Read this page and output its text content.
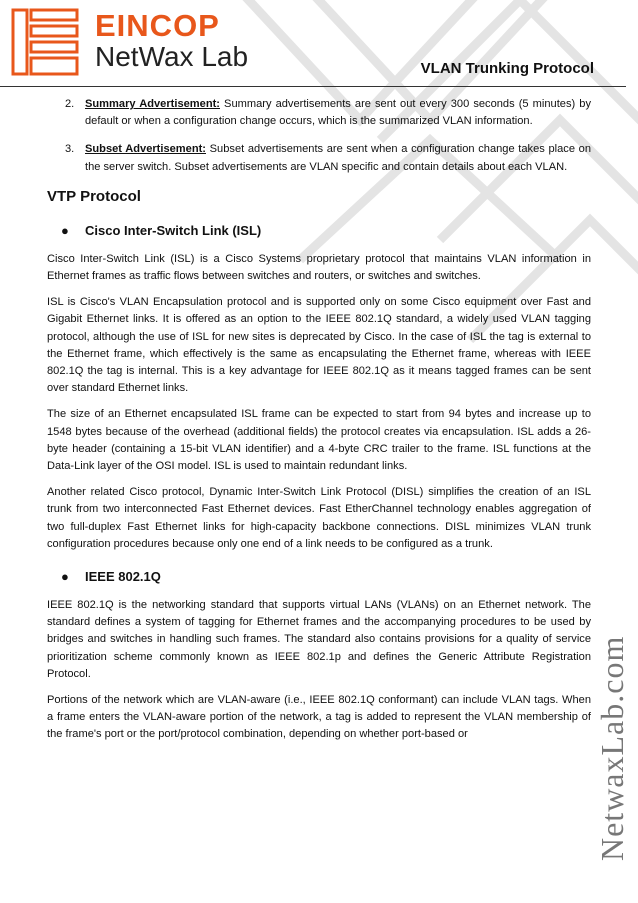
EINCOP
NetWax Lab	VLAN Trunking Protocol
2. Summary Advertisement: Summary advertisements are sent out every 300 seconds (5 minutes) by default or when a configuration change occurs, which is the summarized VLAN information.
3. Subset Advertisement: Subset advertisements are sent when a configuration change takes place on the server switch. Subset advertisements are VLAN specific and contain details about each VLAN.
VTP Protocol
● Cisco Inter-Switch Link (ISL)

Cisco Inter-Switch Link (ISL) is a Cisco Systems proprietary protocol that maintains VLAN information in Ethernet frames as traffic flows between switches and routers, or switches and switches.

ISL is Cisco's VLAN Encapsulation protocol and is supported only on some Cisco equipment over Fast and Gigabit Ethernet links. It is offered as an option to the IEEE 802.1Q standard, a widely used VLAN tagging protocol, although the use of ISL for new sites is deprecated by Cisco. In the case of ISL the tag is external to the Ethernet frame, which effectively is the same as encapsulating the Ethernet frame, whereas with IEEE 802.1Q the tag is internal. This is a key advantage for IEEE 802.1Q as it means tagged frames can be sent over standard Ethernet links.

The size of an Ethernet encapsulated ISL frame can be expected to start from 94 bytes and increase up to 1548 bytes because of the overhead (additional fields) the protocol creates via encapsulation. ISL adds a 26-byte header (containing a 15-bit VLAN identifier) and a 4-byte CRC trailer to the frame. ISL functions at the Data-Link layer of the OSI model. ISL is used to maintain redundant links.

Another related Cisco protocol, Dynamic Inter-Switch Link Protocol (DISL) simplifies the creation of an ISL trunk from two interconnected Fast Ethernet devices. Fast EtherChannel technology enables aggregation of two full-duplex Fast Ethernet links for high-capacity backbone connections. DISL minimizes VLAN trunk configuration procedures because only one end of a link needs to be configured as a trunk.

● IEEE 802.1Q

IEEE 802.1Q is the networking standard that supports virtual LANs (VLANs) on an Ethernet network. The standard defines a system of tagging for Ethernet frames and the accompanying procedures to be used by bridges and switches in handling such frames. The standard also contains provisions for a quality of service prioritization scheme commonly known as IEEE 802.1p and defines the Generic Attribute Registration Protocol.

Portions of the network which are VLAN-aware (i.e., IEEE 802.1Q conformant) can include VLAN tags. When a frame enters the VLAN-aware portion of the network, a tag is added to represent the VLAN membership of the frame's port or the port/protocol combination, depending on whether port-based or	NetwaxLab.com
